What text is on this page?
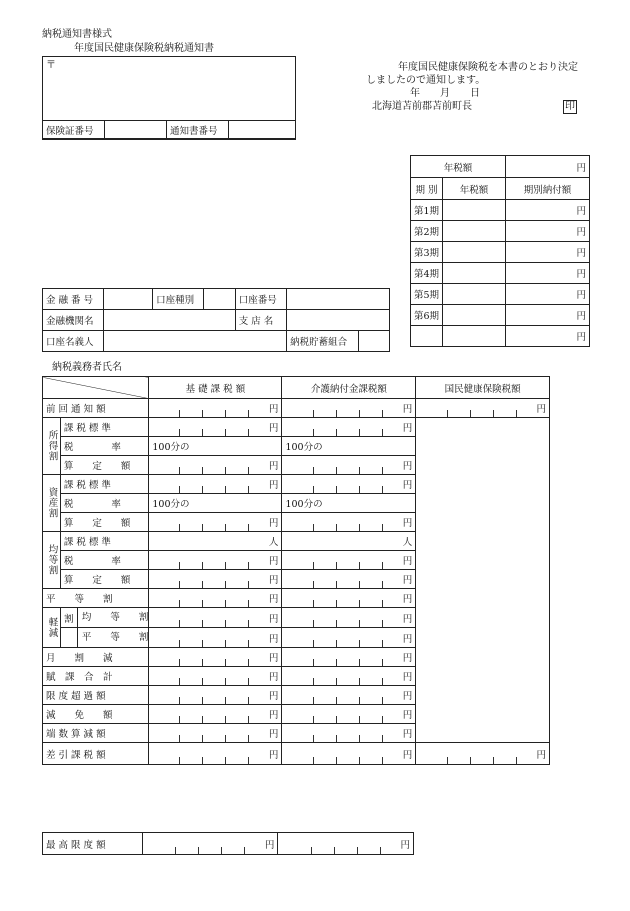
納税通知書様式
年度国民健康保険税納税通知書
〒
保険証番号		通知書番号	
年度国民健康保険税を本書のとおり決定
しましたので通知します。
年　　月　　日
北海道苫前郡苫前町長	印
年税額		円
期 別	年税額	期別納付額
第1期		円
第2期		円
第3期		円
第4期		円
第5期		円
第6期		円
		円
金 融 番 号		口座種別		口座番号		
金融機関名				支 店 名		
口座名義人					納税貯蓄組合	
納税義務者氏名
		基 礎 課 税 額	介護納付金課税額	国民健康保険税額
前 回 通 知 額		円	円	円

所得割	課 税 標 準	円	円

	税　　　　率	100分の	100分の	
	算　　定　　額	円	円	

資産割	課 税 標 準	円	円	

	税　　　　率	100分の	100分の	
	算　　定　　額	円	円	

均等割	課 税 標 準	人	人	
	税　　　　率	円	円	

	算　　定　　額	円	円	

平　　等　　割		円	円	

軽減	割 均　　等　　割	円	円	

	平　　等　　割	円	円	

月　　割　　減		円	円	

賦　課　合　計		円	円	

限 度 超 過 額		円	円	

減　　免　　額		円	円	

端 数 算 減 額		円	円	

差 引 課 税 額		円	円	円
最 高 限 度 額	円	円
